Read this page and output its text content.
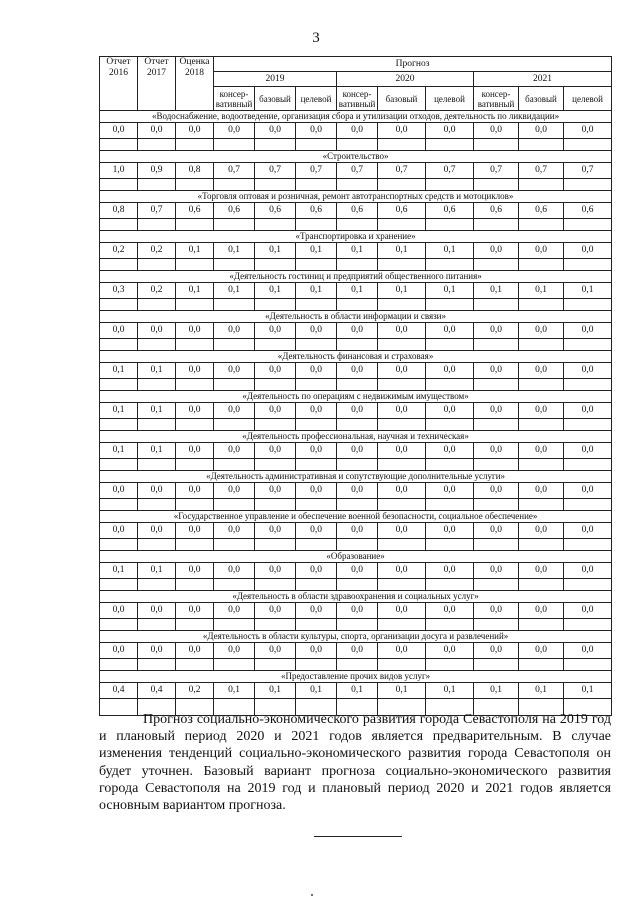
3
Отчет 2016	Отчет 2017	Оценка 2018	Прогноз								
			2019			2020			2021		
			консер-вативный	базовый	целевой	консер-вативный	базовый	целевой	консер-вативный	базовый	целевой
«Водоснабжение, водоотведение, организация сбора и утилизации отходов, деятельность по ликвидации»											
0,0	0,0	0,0	0,0	0,0	0,0	0,0	0,0	0,0	0,0	0,0	0,0

«Строительство»											
1,0	0,9	0,8	0,7	0,7	0,7	0,7	0,7	0,7	0,7	0,7	0,7

«Торговля оптовая и розничная, ремонт автотранспортных средств и мотоциклов»											
0,8	0,7	0,6	0,6	0,6	0,6	0,6	0,6	0,6	0,6	0,6	0,6

«Транспортировка и хранение»											
0,2	0,2	0,1	0,1	0,1	0,1	0,1	0,1	0,1	0,0	0,0	0,0

«Деятельность гостиниц и предприятий общественного питания»											
0,3	0,2	0,1	0,1	0,1	0,1	0,1	0,1	0,1	0,1	0,1	0,1

«Деятельность в области информации и связи»											
0,0	0,0	0,0	0,0	0,0	0,0	0,0	0,0	0,0	0,0	0,0	0,0

«Деятельность финансовая и страховая»											
0,1	0,1	0,0	0,0	0,0	0,0	0,0	0,0	0,0	0,0	0,0	0,0

«Деятельность по операциям с недвижимым имуществом»											
0,1	0,1	0,0	0,0	0,0	0,0	0,0	0,0	0,0	0,0	0,0	0,0

«Деятельность профессиональная, научная и техническая»											
0,1	0,1	0,0	0,0	0,0	0,0	0,0	0,0	0,0	0,0	0,0	0,0

«Деятельность административная и сопутствующие дополнительные услуги»											
0,0	0,0	0,0	0,0	0,0	0,0	0,0	0,0	0,0	0,0	0,0	0,0

«Государственное управление и обеспечение военной безопасности, социальное обеспечение»											
0,0	0,0	0,0	0,0	0,0	0,0	0,0	0,0	0,0	0,0	0,0	0,0

«Образование»											
0,1	0,1	0,0	0,0	0,0	0,0	0,0	0,0	0,0	0,0	0,0	0,0

«Деятельность в области здравоохранения и социальных услуг»											
0,0	0,0	0,0	0,0	0,0	0,0	0,0	0,0	0,0	0,0	0,0	0,0

«Деятельность в области культуры, спорта, организации досуга и развлечений»											
0,0	0,0	0,0	0,0	0,0	0,0	0,0	0,0	0,0	0,0	0,0	0,0

«Предоставление прочих видов услуг»											
0,4	0,4	0,2	0,1	0,1	0,1	0,1	0,1	0,1	0,1	0,1	0,1

Прогноз социально-экономического развития города Севастополя на 2019 год и плановый период 2020 и 2021 годов является предварительным. В случае изменения тенденций социально-экономического развития города Севастополя он будет уточнен. Базовый вариант прогноза социально-экономического развития города Севастополя на 2019 год и плановый период 2020 и 2021 годов является основным вариантом прогноза.
